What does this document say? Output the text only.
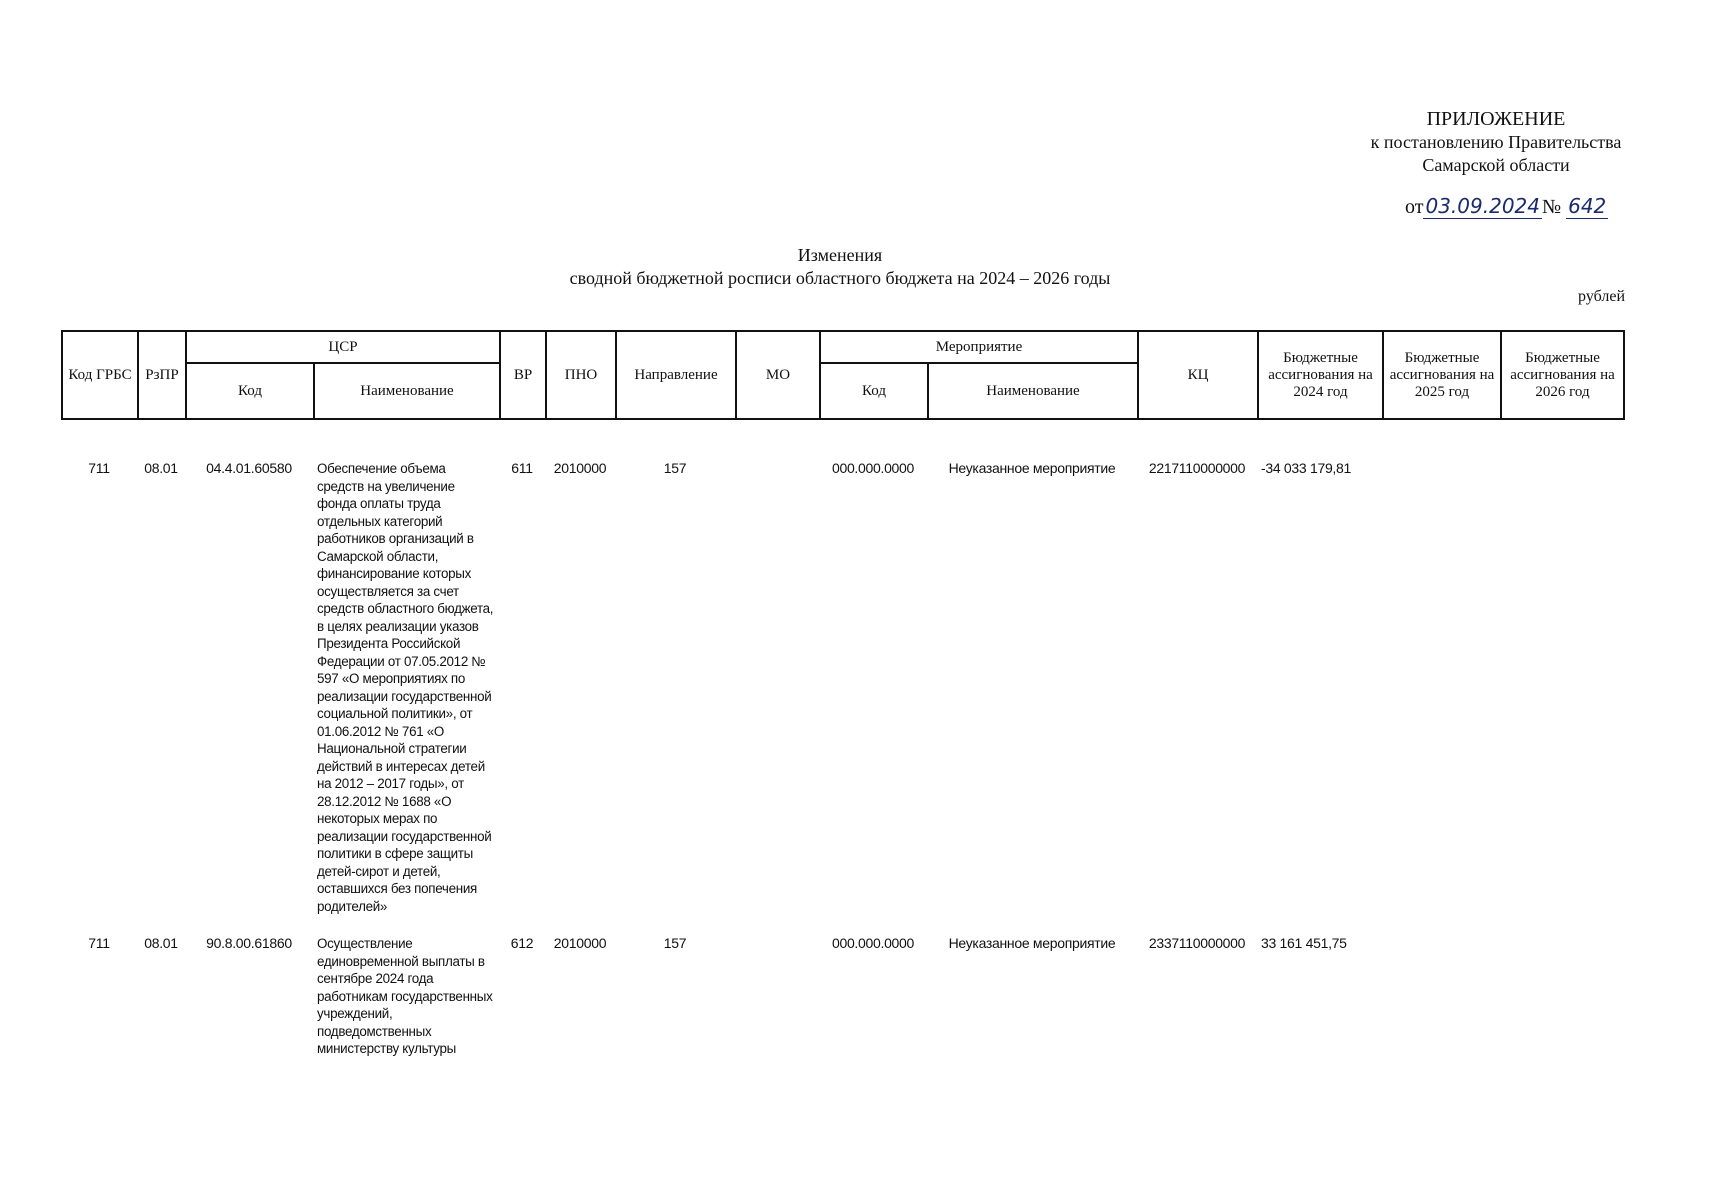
ПРИЛОЖЕНИЕ
к постановлению Правительства
Самарской области
от 03.09.2024 № 642
Изменения
сводной бюджетной росписи областного бюджета на 2024 – 2026 годы
рублей
Код ГРБС	РзПР	ЦСР		ВР	ПНО	Направление	МО	Мероприятие		КЦ	Бюджетные ассигнования на 2024 год	Бюджетные ассигнования на 2025 год	Бюджетные ассигнования на 2026 год
		Код	Наименование					Код	Наименование				
711	08.01	04.4.01.60580	Обеспечение объема средств на увеличение фонда оплаты труда отдельных категорий работников организаций в Самарской области, финансирование которых осуществляется за счет средств областного бюджета, в целях реализации указов Президента Российской Федерации от 07.05.2012 № 597 «О мероприятиях по реализации государственной социальной политики», от 01.06.2012 № 761 «О Национальной стратегии действий в интересах детей на 2012 – 2017 годы», от 28.12.2012 № 1688 «О некоторых мерах по реализации государственной политики в сфере защиты детей-сирот и детей, оставшихся без попечения родителей»	611	2010000	157		000.000.0000	Неуказанное мероприятие	2217110000000	-34 033 179,81		
711	08.01	90.8.00.61860	Осуществление единовременной выплаты в сентябре 2024 года работникам государственных учреждений, подведомственных министерству культуры	612	2010000	157		000.000.0000	Неуказанное мероприятие	2337110000000	33 161 451,75		
